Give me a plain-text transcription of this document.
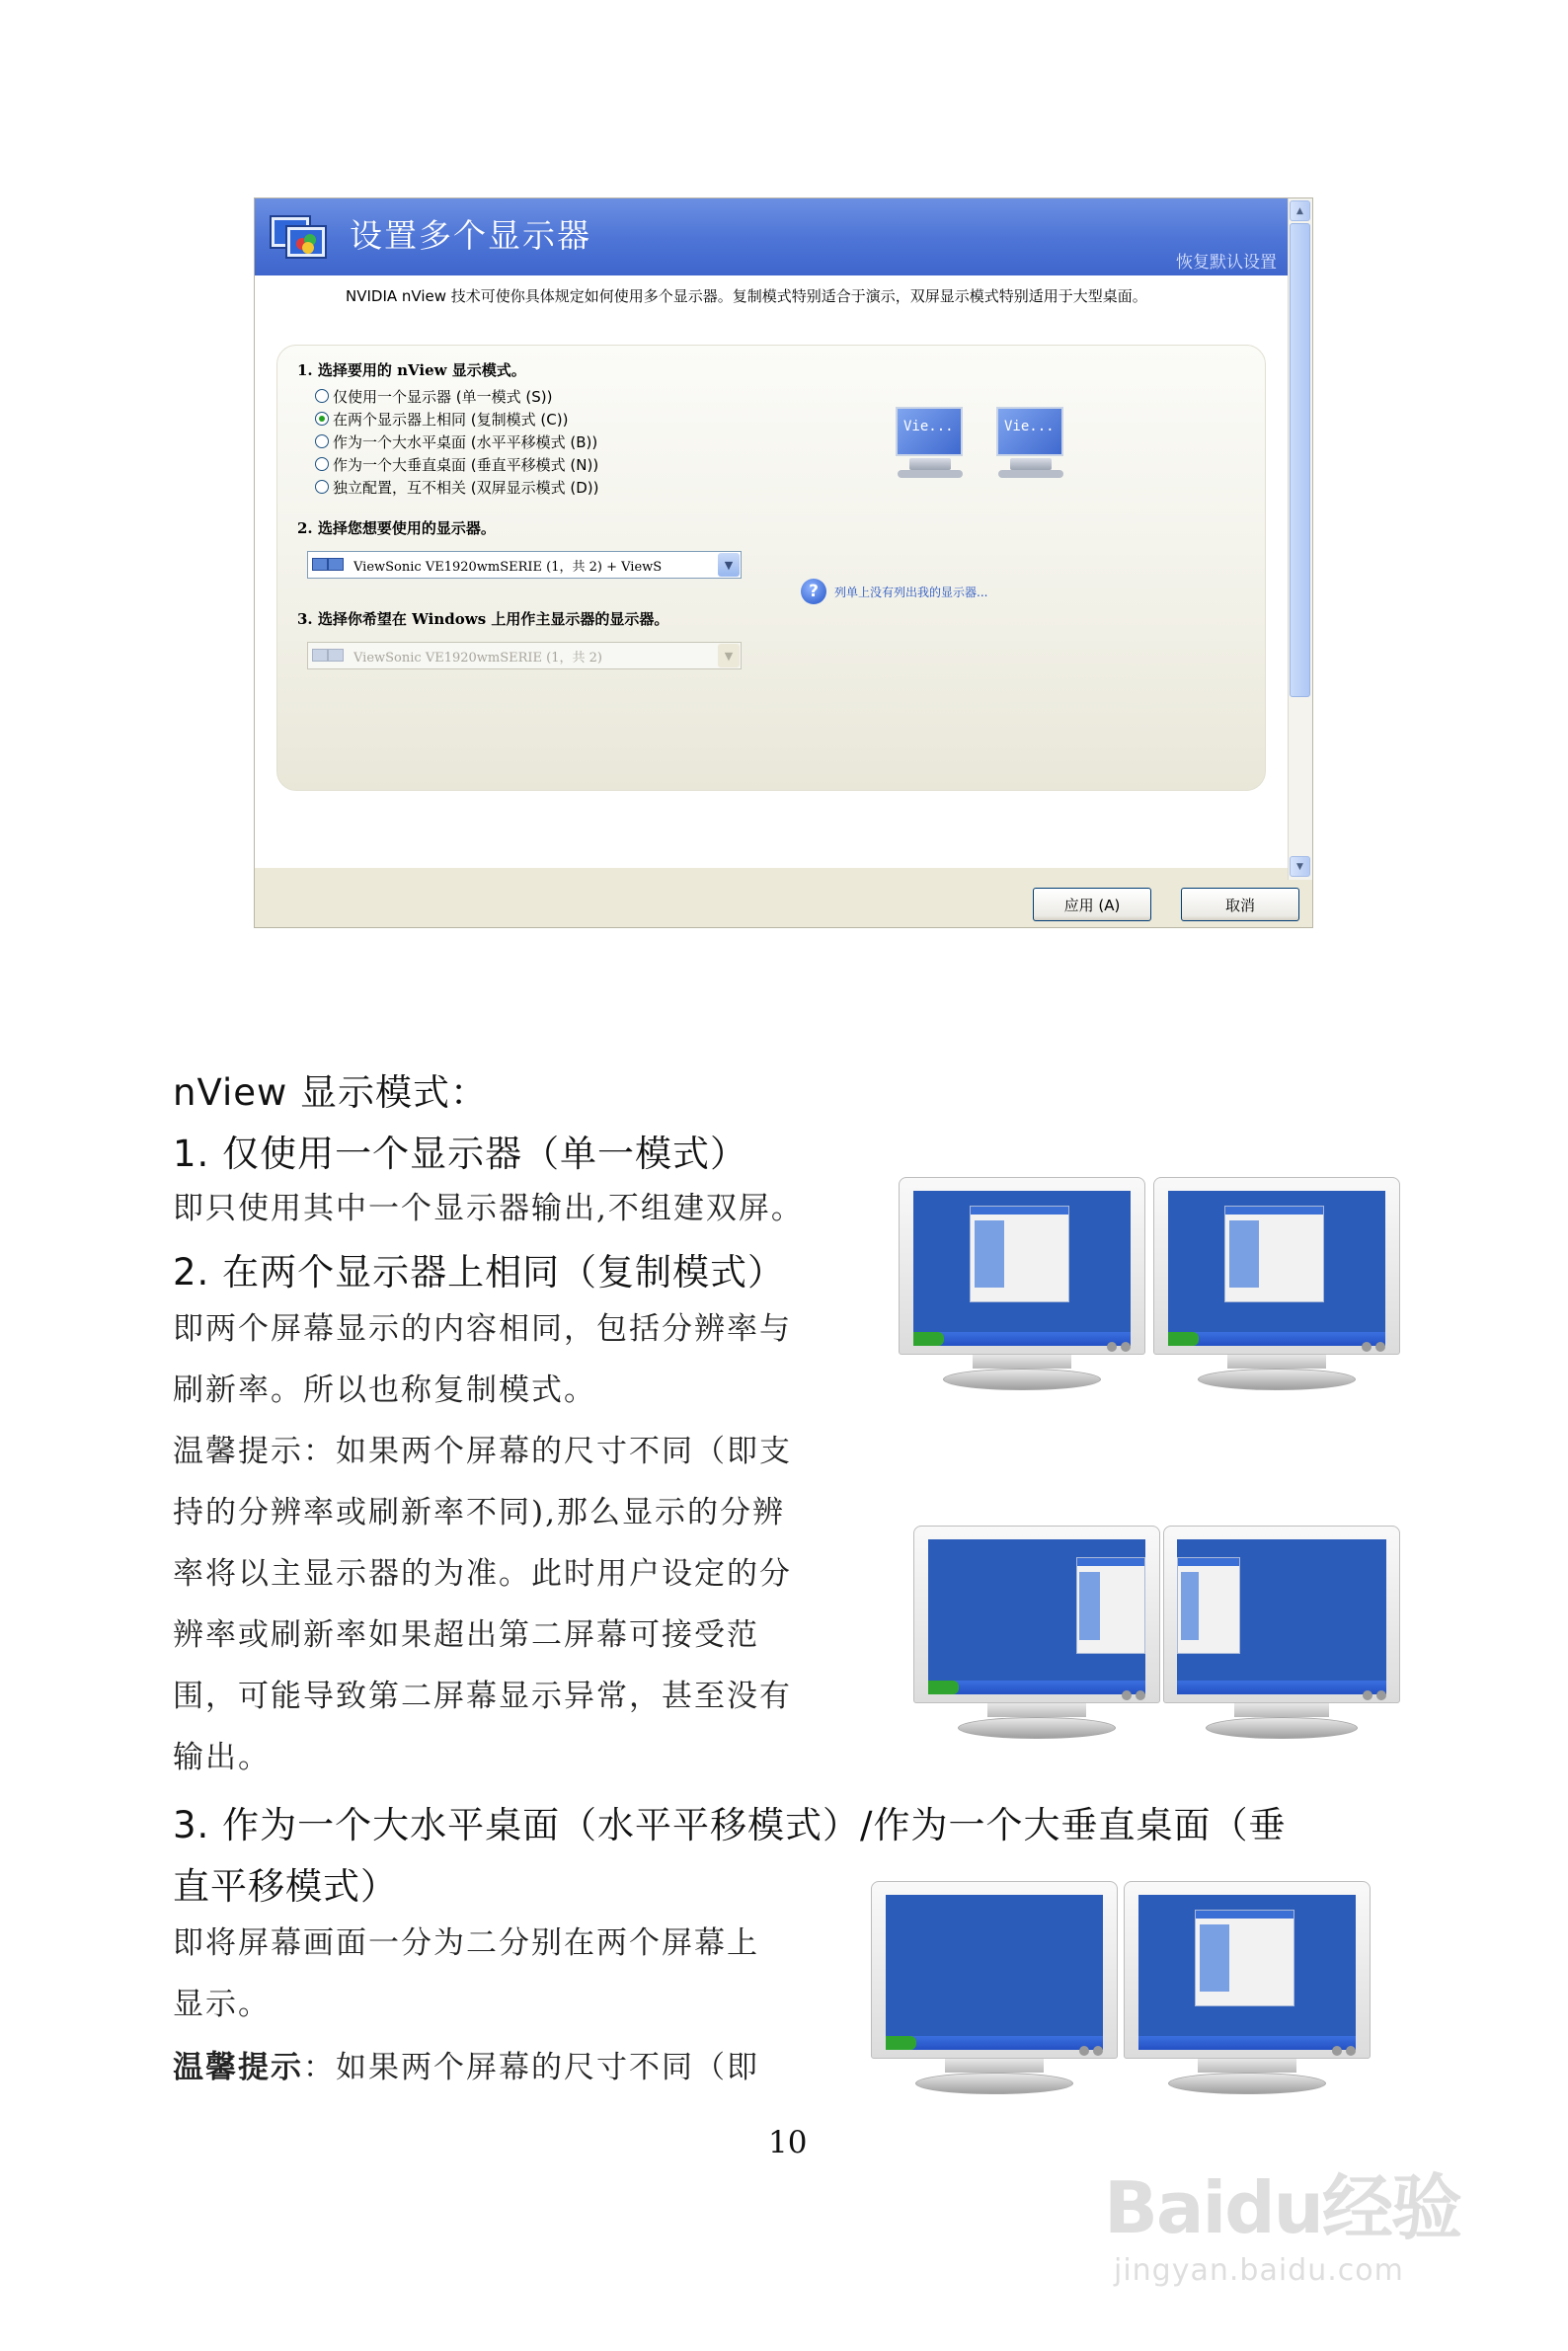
设置多个显示器
恢复默认设置
NVIDIA nView 技术可使你具体规定如何使用多个显示器。复制模式特别适合于演示，双屏显示模式特别适用于大型桌面。
1. 选择要用的 nView 显示模式。
仅使用一个显示器 (单一模式 (S))
在两个显示器上相同 (复制模式 (C))
作为一个大水平桌面 (水平平移模式 (B))
作为一个大垂直桌面 (垂直平移模式 (N))
独立配置，互不相关 (双屏显示模式 (D))
Vie...	Vie...
2. 选择您想要使用的显示器。
ViewSonic VE1920wmSERIE (1，共 2) + ViewS	▼
?	列单上没有列出我的显示器...
3. 选择你希望在 Windows 上用作主显示器的显示器。
ViewSonic VE1920wmSERIE (1，共 2)	▼
▲
▼
应用 (A)	取消
nView 显示模式：
1. 仅使用一个显示器（单一模式）
即只使用其中一个显示器输出,不组建双屏。
2. 在两个显示器上相同（复制模式）
即两个屏幕显示的内容相同，包括分辨率与
刷新率。所以也称复制模式。
温馨提示：如果两个屏幕的尺寸不同（即支
持的分辨率或刷新率不同),那么显示的分辨
率将以主显示器的为准。此时用户设定的分
辨率或刷新率如果超出第二屏幕可接受范
围，可能导致第二屏幕显示异常，甚至没有
输出。
3. 作为一个大水平桌面（水平平移模式）/作为一个大垂直桌面（垂
直平移模式）
即将屏幕画面一分为二分别在两个屏幕上
显示。
温馨提示：如果两个屏幕的尺寸不同（即
10
Baidu经验
jingyan.baidu.com
